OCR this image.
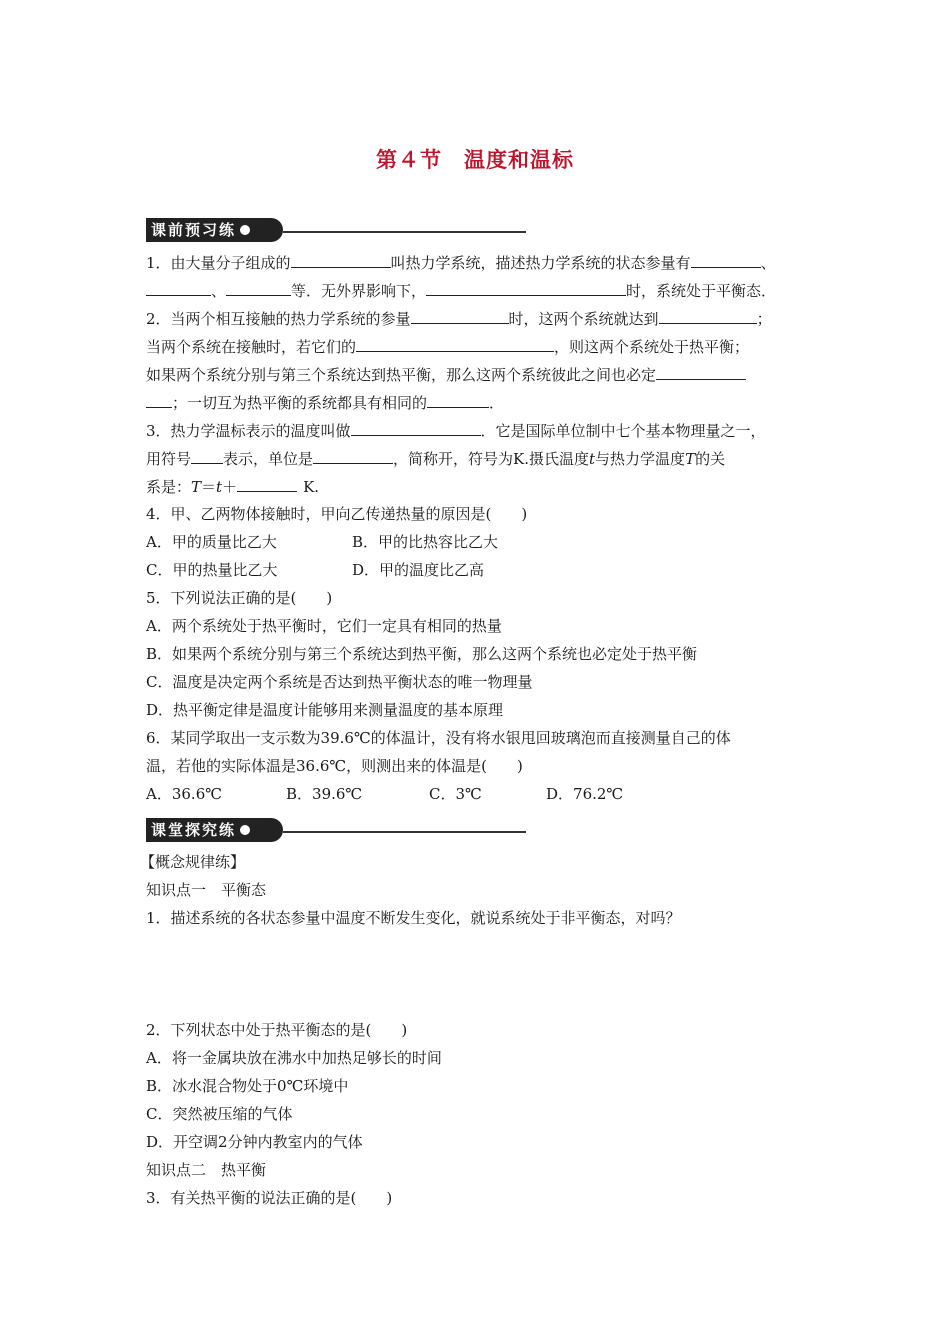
第４节　温度和温标
课前预习练
1．由大量分子组成的	叫热力学系统，描述热力学系统的状态参量有	、
、	等．无外界影响下，	时，系统处于平衡态．
2．当两个相互接触的热力学系统的参量	时，这两个系统就达到	；
当两个系统在接触时，若它们的	，则这两个系统处于热平衡；
如果两个系统分别与第三个系统达到热平衡，那么这两个系统彼此之间也必定
；一切互为热平衡的系统都具有相同的	．
3．热力学温标表示的温度叫做	．它是国际单位制中七个基本物理量之一，
用符号 表示，单位是	，简称开，符号为K.摄氏温度t与热力学温度T的关
系是：T＝t＋	K.
4．甲、乙两物体接触时，甲向乙传递热量的原因是(　　)
A．甲的质量比乙大	B．甲的比热容比乙大
C．甲的热量比乙大	D．甲的温度比乙高
5．下列说法正确的是(　　)
A．两个系统处于热平衡时，它们一定具有相同的热量
B．如果两个系统分别与第三个系统达到热平衡，那么这两个系统也必定处于热平衡
C．温度是决定两个系统是否达到热平衡状态的唯一物理量
D．热平衡定律是温度计能够用来测量温度的基本原理
6．某同学取出一支示数为39.6℃的体温计，没有将水银甩回玻璃泡而直接测量自己的体
温，若他的实际体温是36.6℃，则测出来的体温是(　　)
A．36.6℃	B．39.6℃	C．3℃	D．76.2℃
课堂探究练
【概念规律练】
知识点一　平衡态
1．描述系统的各状态参量中温度不断发生变化，就说系统处于非平衡态，对吗？
2．下列状态中处于热平衡态的是(　　)
A．将一金属块放在沸水中加热足够长的时间
B．冰水混合物处于0℃环境中
C．突然被压缩的气体
D．开空调2分钟内教室内的气体
知识点二　热平衡
3．有关热平衡的说法正确的是(　　)
